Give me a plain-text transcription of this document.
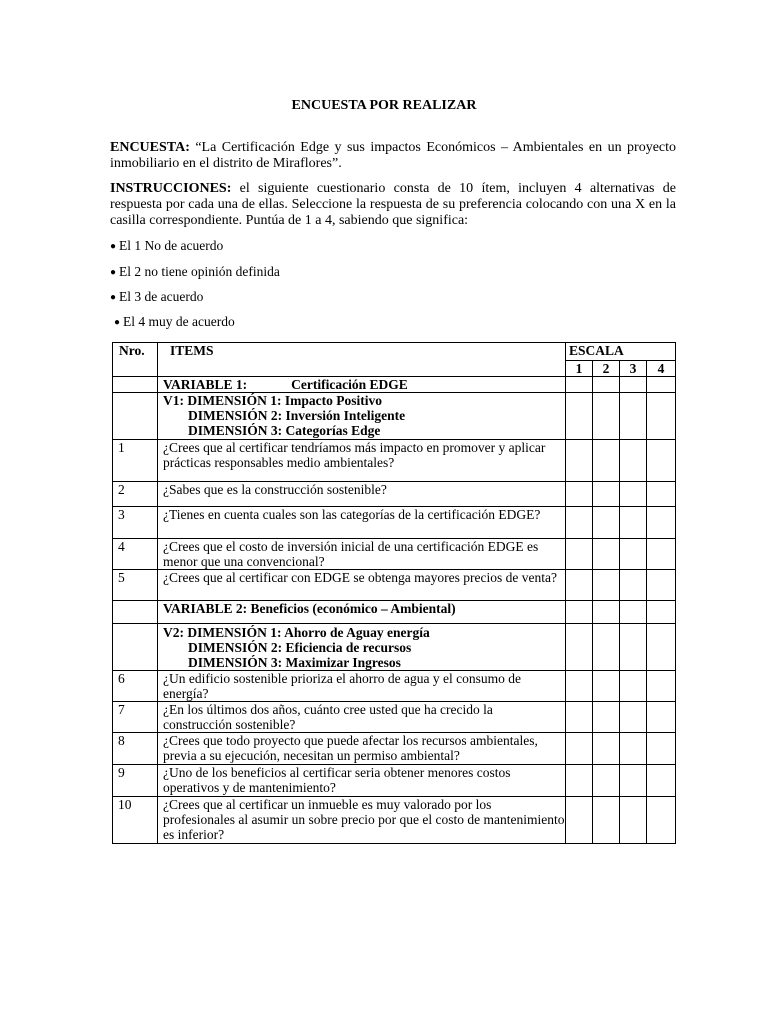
ENCUESTA POR REALIZAR
ENCUESTA: “La Certificación Edge y sus impactos Económicos – Ambientales en un proyecto inmobiliario en el distrito de Miraflores”.
INSTRUCCIONES: el siguiente cuestionario consta de 10 ítem, incluyen 4 alternativas de respuesta por cada una de ellas. Seleccione la respuesta de su preferencia colocando con una X en la casilla correspondiente. Puntúa de 1 a 4, sabiendo que significa:
● El 1 No de acuerdo
● El 2 no tiene opinión definida
● El 3 de acuerdo
● El 4 muy de acuerdo
Nro.	ITEMS	ESCALA			
		1	2	3	4
	VARIABLE 1: Certificación EDGE				

	V1: DIMENSIÓN 1: Impacto Positivo
DIMENSIÓN 2: Inversión Inteligente
DIMENSIÓN 3: Categorías Edge				

1	¿Crees que al certificar tendríamos más impacto en promover y aplicar prácticas responsables medio ambientales?				
2	¿Sabes que es la construcción sostenible?				
3	¿Tienes en cuenta cuales son las categorías de la certificación EDGE?				
4	¿Crees que el costo de inversión inicial de una certificación EDGE es menor que una convencional?				
5	¿Crees que al certificar con EDGE se obtenga mayores precios de venta?				
	VARIABLE 2: Beneficios (económico – Ambiental)				

	V2: DIMENSIÓN 1: Ahorro de Aguay energía
DIMENSIÓN 2: Eficiencia de recursos
DIMENSIÓN 3: Maximizar Ingresos				

6	¿Un edificio sostenible prioriza el ahorro de agua y el consumo de energía?				
7	¿En los últimos dos años, cuánto cree usted que ha crecido la construcción sostenible?				
8	¿Crees que todo proyecto que puede afectar los recursos ambientales, previa a su ejecución, necesitan un permiso ambiental?				
9	¿Uno de los beneficios al certificar seria obtener menores costos operativos y de mantenimiento?				
10	¿Crees que al certificar un inmueble es muy valorado por los profesionales al asumir un sobre precio por que el costo de mantenimiento es inferior?				
